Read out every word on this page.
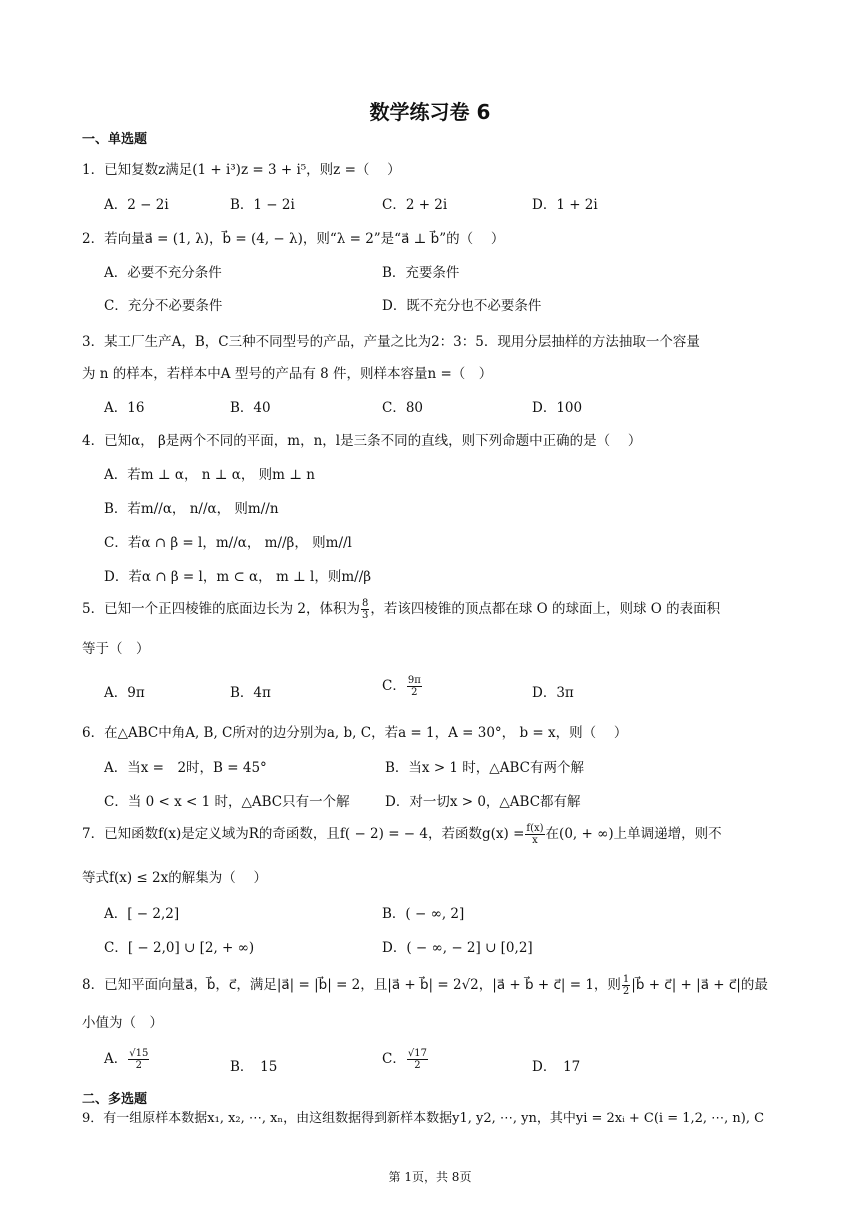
数学练习卷 6
一、单选题
1．已知复数z满足(1 + i³)z = 3 + i⁵，则z =（　 ）
A．2 − 2i	B．1 − 2i	C．2 + 2i	D．1 + 2i
2．若向量a⃗ = (1, λ)，b⃗ = (4, − λ)，则“λ = 2”是“a⃗ ⊥ b⃗”的（　 ）
A．必要不充分条件	B．充要条件
C．充分不必要条件	D．既不充分也不必要条件
3．某工厂生产A，B，C三种不同型号的产品，产量之比为2：3：5．现用分层抽样的方法抽取一个容量
为 n 的样本，若样本中A 型号的产品有 8 件，则样本容量n =（　）
A．16	B．40	C．80	D．100
4．已知α， β是两个不同的平面，m，n，l是三条不同的直线，则下列命题中正确的是（　 ）
A．若m ⊥ α， n ⊥ α， 则m ⊥ n
B．若m//α， n//α， 则m//n
C．若α ∩ β = l，m//α， m//β， 则m//l
D．若α ∩ β = l，m ⊂ α， m ⊥ l，则m//β
5．已知一个正四棱锥的底面边长为 2，体积为 $\frac{8}{3}$ ，若该四棱锥的顶点都在球 O 的球面上，则球 O 的表面积
等于（　）
A．9π	B．4π	C． $\frac{9\pi}{2}$	D．3π
6．在△ABC中角A, B, C所对的边分别为a, b, C，若a = 1，A = 30°， b = x，则（　 ）
A．当x =　2时，B = 45°	B．当x > 1 时，△ABC有两个解
C．当 0 < x < 1 时，△ABC只有一个解	D．对一切x > 0，△ABC都有解
7．已知函数f(x)是定义域为R的奇函数，且f( − 2) = − 4，若函数$g(x) = \frac{f(x)}{x}$ 在(0, + ∞)上单调递增，则不
等式f(x) ≤ 2x的解集为（　 ）
A．[ − 2,2]	B．( − ∞, 2]
C．[ − 2,0] ∪ [2, + ∞)	D．( − ∞, − 2] ∪ [0,2]
8．已知平面向量a⃗，b⃗，c⃗，满足|a⃗| = |b⃗| = 2，且|a⃗ + b⃗| = 2√2，|a⃗ + b⃗ + c⃗| = 1，则 $\frac{1}{2}$ |b⃗ + c⃗| + |a⃗ + c⃗|的最
小值为（　）
A． $\frac{√15}{2}$	B．　15	C． $\frac{√17}{2}$	D．　17
二、多选题
9．有一组原样本数据x₁, x₂, ⋯, xₙ，由这组数据得到新样本数据y1, y2, ⋯, yn，其中yi = 2xᵢ + C(i = 1,2, ⋯, n), C
第 1页，共 8页
